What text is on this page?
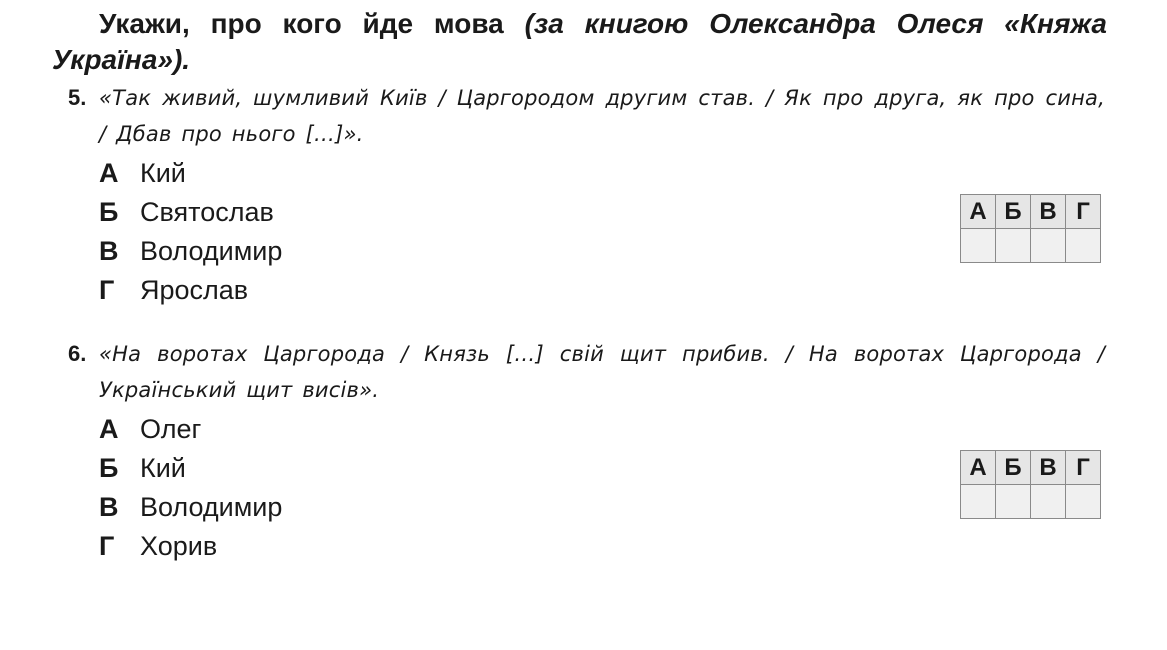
Укажи, про кого йде мова (за книгою Олександра Олеся «Княжа Україна»).
5. «Так живий, шумливий Київ / Царгородом другим став. / Як про друга, як про сина, / Дбав про нього […]».
А Кий
Б Святослав
В Володимир
Г Ярослав
А	Б	В	Г

6. «На воротах Царгорода / Князь […] свій щит прибив. / На воротах Царгорода / Український щит висів».
А Олег
Б Кий
В Володимир
Г Хорив
А	Б	В	Г
